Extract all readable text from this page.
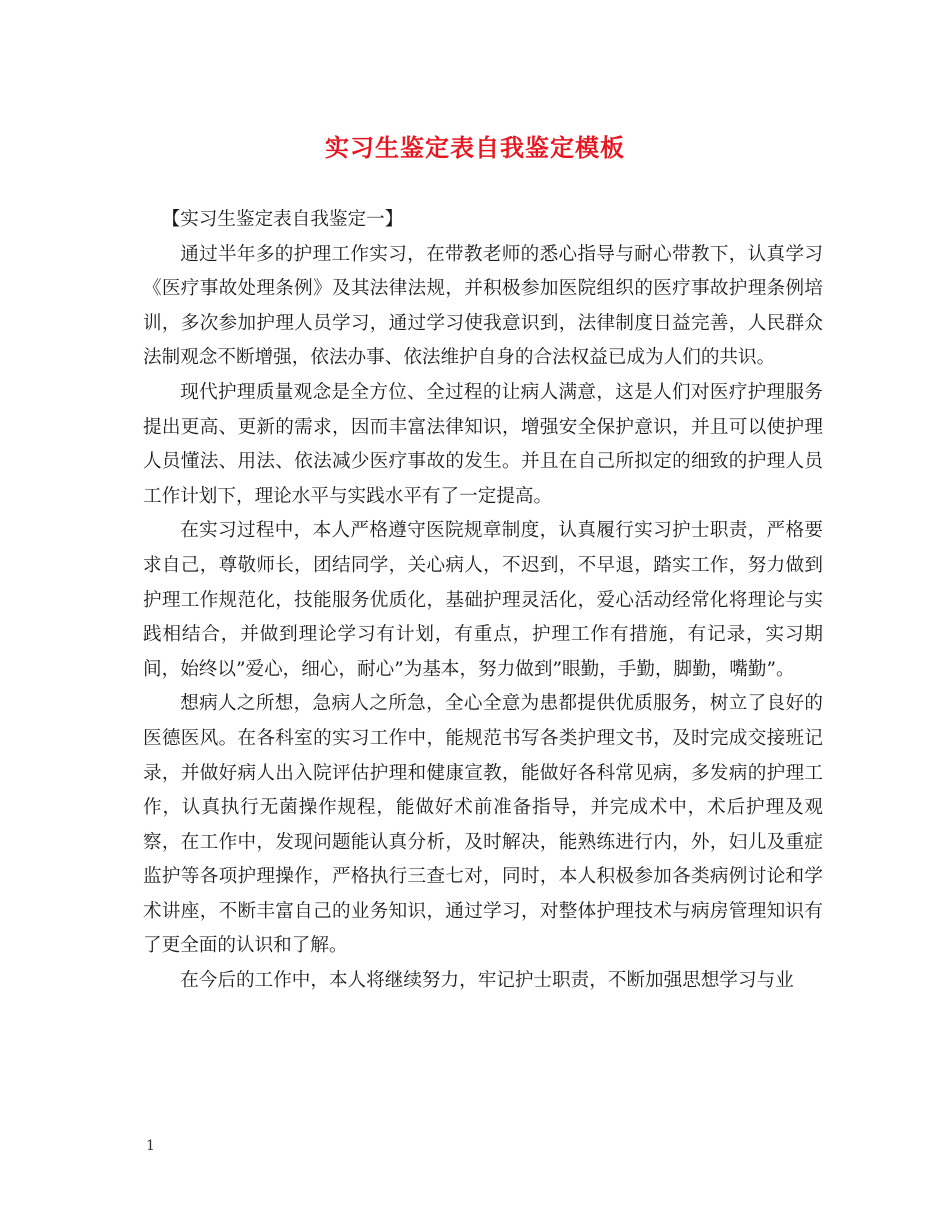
实习生鉴定表自我鉴定模板
【实习生鉴定表自我鉴定一】

通过半年多的护理工作实习，在带教老师的悉心指导与耐心带教下，认真学习《医疗事故处理条例》及其法律法规，并积极参加医院组织的医疗事故护理条例培训，多次参加护理人员学习，通过学习使我意识到，法律制度日益完善，人民群众法制观念不断增强，依法办事、依法维护自身的合法权益已成为人们的共识。

现代护理质量观念是全方位、全过程的让病人满意，这是人们对医疗护理服务提出更高、更新的需求，因而丰富法律知识，增强安全保护意识，并且可以使护理人员懂法、用法、依法减少医疗事故的发生。并且在自己所拟定的细致的护理人员工作计划下，理论水平与实践水平有了一定提高。

在实习过程中，本人严格遵守医院规章制度，认真履行实习护士职责，严格要求自己，尊敬师长，团结同学，关心病人，不迟到，不早退，踏实工作，努力做到护理工作规范化，技能服务优质化，基础护理灵活化，爱心活动经常化将理论与实践相结合，并做到理论学习有计划，有重点，护理工作有措施，有记录，实习期间，始终以”爱心，细心，耐心”为基本，努力做到”眼勤，手勤，脚勤，嘴勤”。

想病人之所想，急病人之所急，全心全意为患都提供优质服务，树立了良好的医德医风。在各科室的实习工作中，能规范书写各类护理文书，及时完成交接班记录，并做好病人出入院评估护理和健康宣教，能做好各科常见病，多发病的护理工作，认真执行无菌操作规程，能做好术前准备指导，并完成术中，术后护理及观察，在工作中，发现问题能认真分析，及时解决，能熟练进行内，外，妇儿及重症监护等各项护理操作，严格执行三查七对，同时，本人积极参加各类病例讨论和学术讲座，不断丰富自己的业务知识，通过学习，对整体护理技术与病房管理知识有了更全面的认识和了解。

在今后的工作中，本人将继续努力，牢记护士职责，不断加强思想学习与业

1
